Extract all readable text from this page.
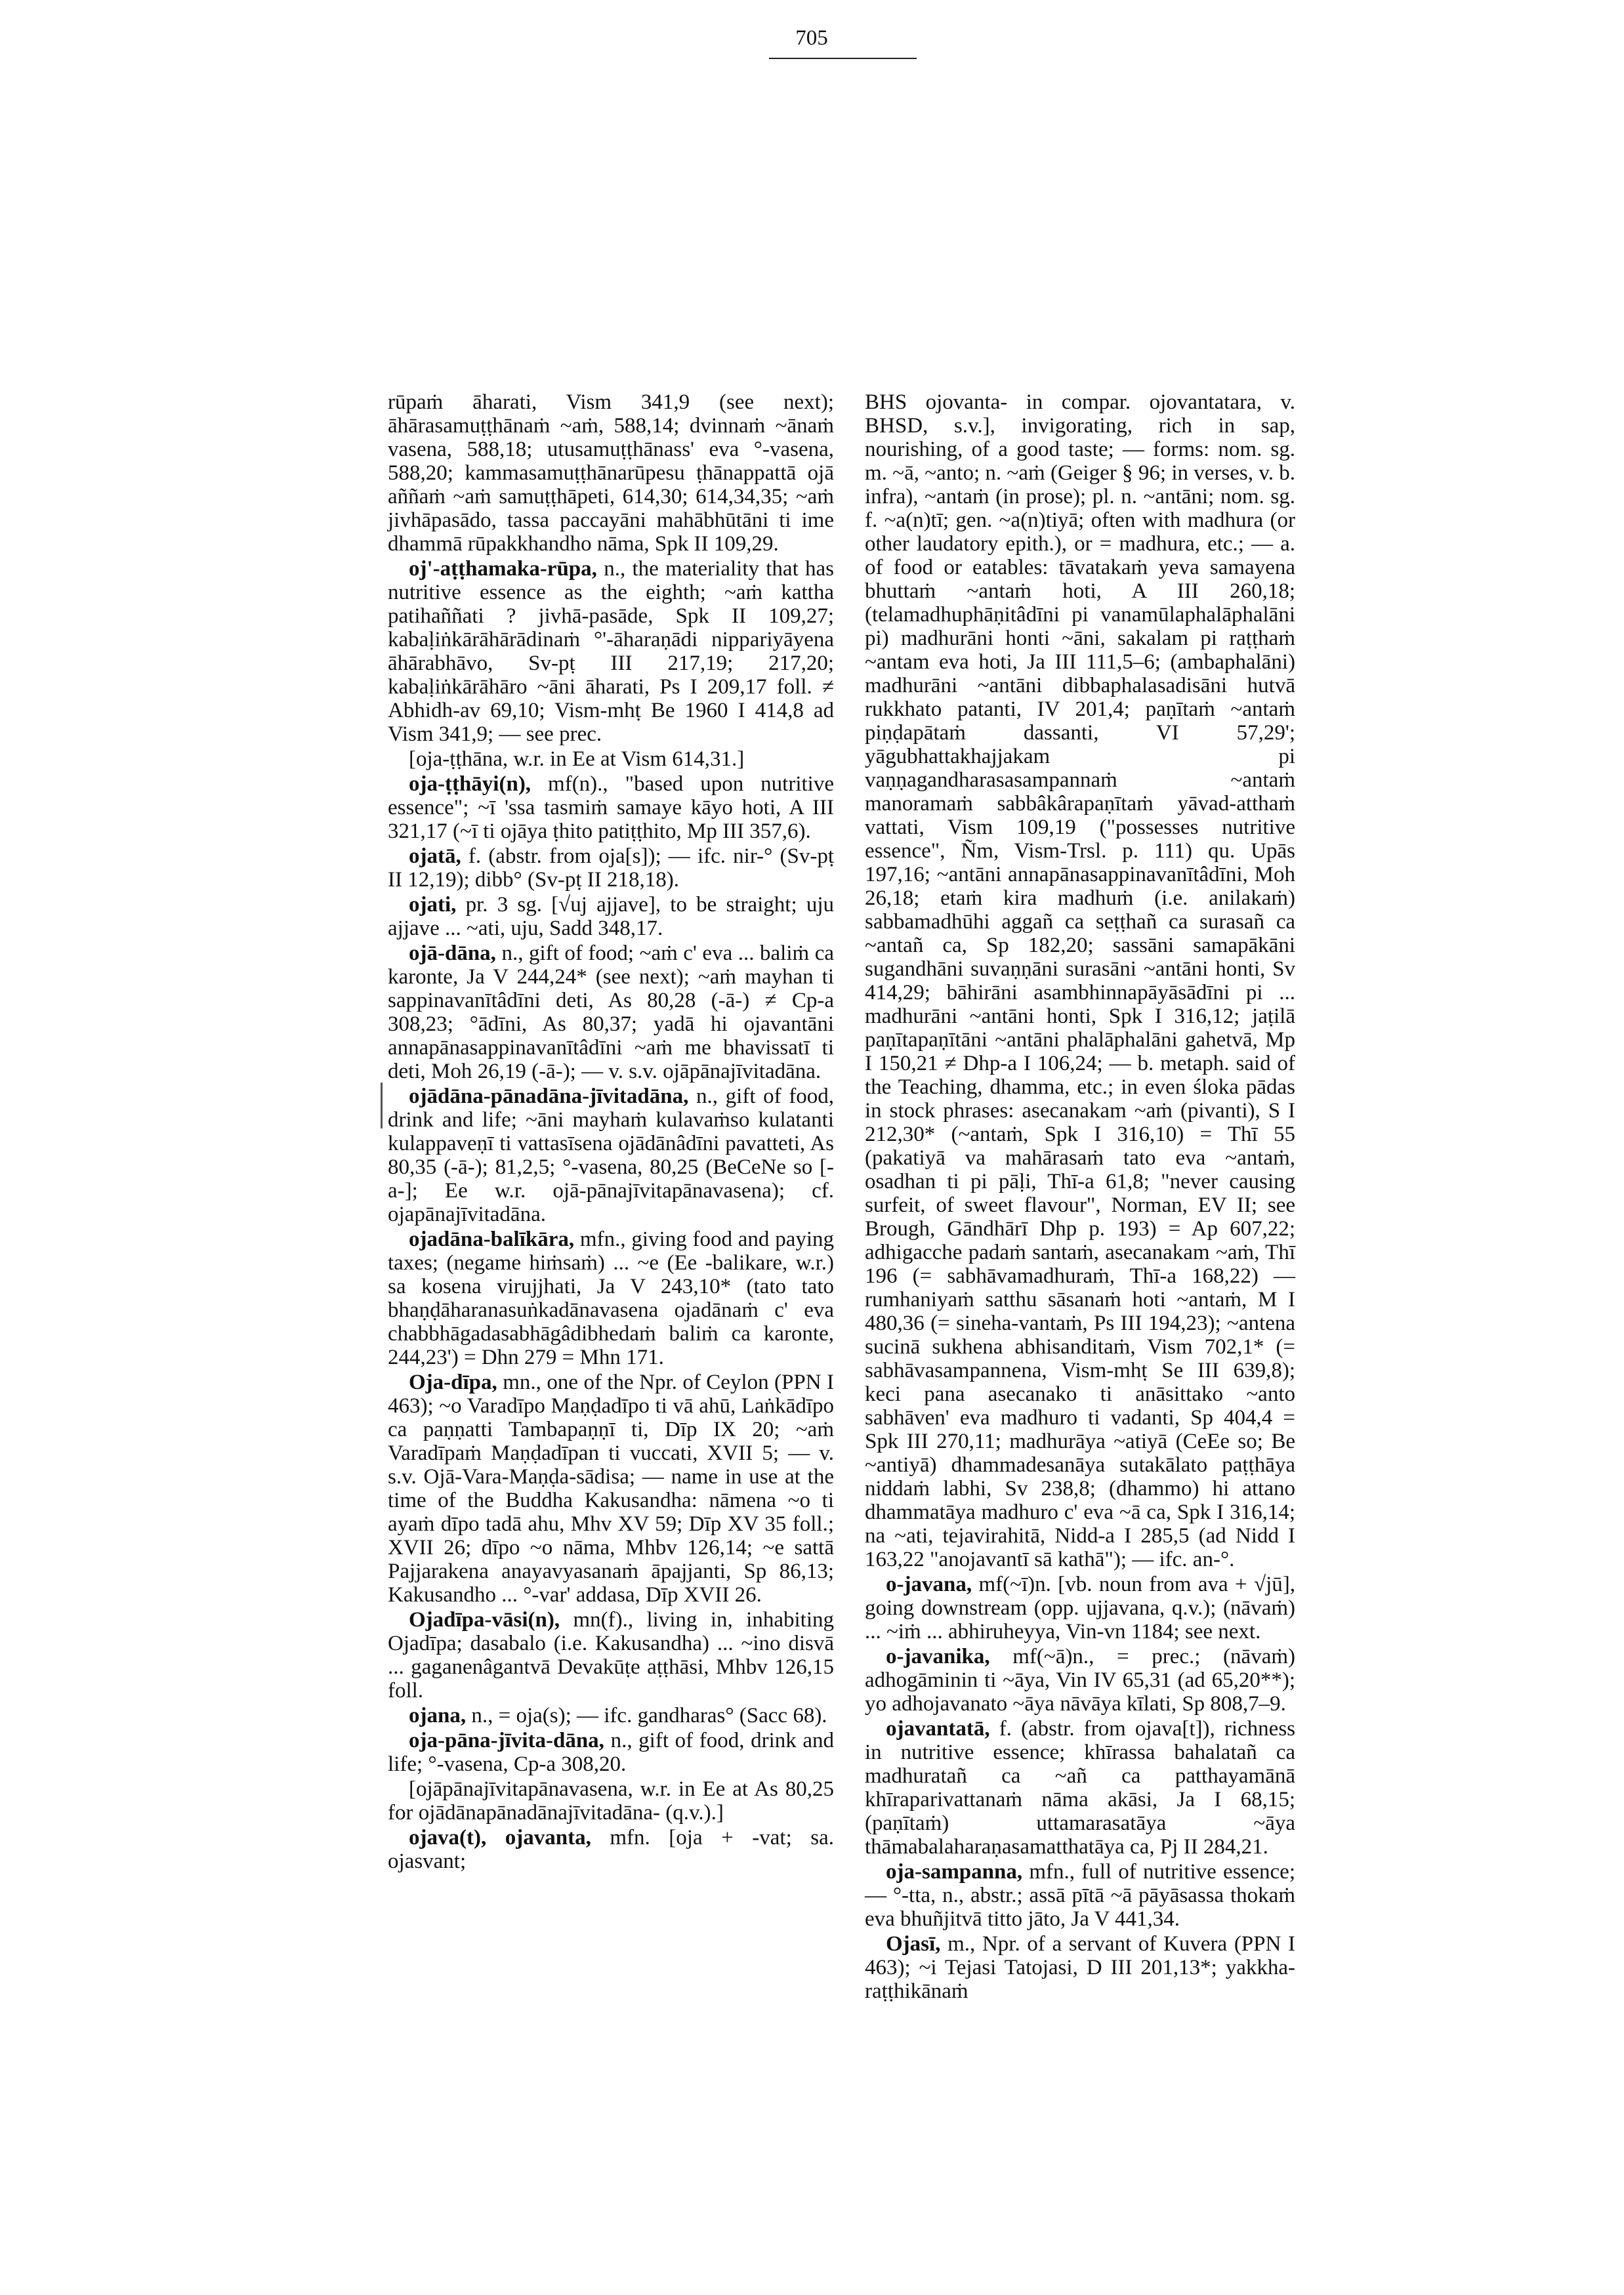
705

rūpaṁ āharati, Vism 341,9 (see next); āhārasamuṭṭhānaṁ ~aṁ, 588,14; dvinnaṁ ~ānaṁ vasena, 588,18; utusamuṭṭhānass' eva °-vasena, 588,20; kammasamuṭṭhānarūpesu ṭhānappattā ojā aññaṁ ~aṁ samuṭṭhāpeti, 614,30; 614,34,35; ~aṁ jivhāpasādo, tassa paccayāni mahābhūtāni ti ime dhammā rūpakkhandho nāma, Spk II 109,29.

oj'-aṭṭhamaka-rūpa, n., the materiality that has nutritive essence as the eighth; ~aṁ kattha patihaññati ? jivhā-pasāde, Spk II 109,27; kabaḷiṅkārāhārādinaṁ °'-āharaṇādi nippariyāyena āhārabhāvo, Sv-pṭ III 217,19; 217,20; kabaḷiṅkārāhāro ~āni āharati, Ps I 209,17 foll. ≠ Abhidh-av 69,10; Vism-mhṭ Be 1960 I 414,8 ad Vism 341,9; — see prec.

[oja-ṭṭhāna, w.r. in Ee at Vism 614,31.]

oja-ṭṭhāyi(n), mf(n)., "based upon nutritive essence"; ~ī 'ssa tasmiṁ samaye kāyo hoti, A III 321,17 (~ī ti ojāya ṭhito patiṭṭhito, Mp III 357,6).

ojatā, f. (abstr. from oja[s]); — ifc. nir-° (Sv-pṭ II 12,19); dibb° (Sv-pṭ II 218,18).

ojati, pr. 3 sg. [√uj ajjave], to be straight; uju ajjave ... ~ati, uju, Sadd 348,17.

ojā-dāna, n., gift of food; ~aṁ c' eva ... baliṁ ca karonte, Ja V 244,24* (see next); ~aṁ mayhan ti sappinavanītâdīni deti, As 80,28 (-ā-) ≠ Cp-a 308,23; °ādīni, As 80,37; yadā hi ojavantāni annapānasappinavanītâdīni ~aṁ me bhavissatī ti deti, Moh 26,19 (-ā-); — v. s.v. ojāpānajīvitadāna.

ojādāna-pānadāna-jīvitadāna, n., gift of food, drink and life; ~āni mayhaṁ kulavaṁso kulatanti kulappaveṇī ti vattasīsena ojādānâdīni pavatteti, As 80,35 (-ā-); 81,2,5; °-vasena, 80,25 (BeCeNe so [-a-]; Ee w.r. ojā-pānajīvitapānavasena); cf. ojapānajīvitadāna.

ojadāna-balīkāra, mfn., giving food and paying taxes; (negame hiṁsaṁ) ... ~e (Ee -balikare, w.r.) sa kosena virujjhati, Ja V 243,10* (tato tato bhaṇḍāharanasuṅkadānavasena ojadānaṁ c' eva chabbhāgadasabhāgâdibhedaṁ baliṁ ca karonte, 244,23') = Dhn 279 = Mhn 171.

Oja-dīpa, mn., one of the Npr. of Ceylon (PPN I 463); ~o Varadīpo Maṇḍadīpo ti vā ahū, Laṅkādīpo ca paṇṇatti Tambapaṇṇī ti, Dīp IX 20; ~aṁ Varadīpaṁ Maṇḍadīpan ti vuccati, XVII 5; — v. s.v. Ojā-Vara-Maṇḍa-sādisa; — name in use at the time of the Buddha Kakusandha: nāmena ~o ti ayaṁ dīpo tadā ahu, Mhv XV 59; Dīp XV 35 foll.; XVII 26; dīpo ~o nāma, Mhbv 126,14; ~e sattā Pajjarakena anayavyasanaṁ āpajjanti, Sp 86,13; Kakusandho ... °-var' addasa, Dīp XVII 26.

Ojadīpa-vāsi(n), mn(f)., living in, inhabiting Ojadīpa; dasabalo (i.e. Kakusandha) ... ~ino disvā ... gaganenâgantvā Devakūṭe aṭṭhāsi, Mhbv 126,15 foll.

ojana, n., = oja(s); — ifc. gandharas° (Sacc 68).

oja-pāna-jīvita-dāna, n., gift of food, drink and life; °-vasena, Cp-a 308,20.

[ojāpānajīvitapānavasena, w.r. in Ee at As 80,25 for ojādānapānadānajīvitadāna- (q.v.).]

ojava(t), ojavanta, mfn. [oja + -vat; sa. ojasvant;

BHS ojovanta- in compar. ojovantatara, v. BHSD, s.v.], invigorating, rich in sap, nourishing, of a good taste; — forms: nom. sg. m. ~ā, ~anto; n. ~aṁ (Geiger § 96; in verses, v. b. infra), ~antaṁ (in prose); pl. n. ~antāni; nom. sg. f. ~a(n)tī; gen. ~a(n)tiyā; often with madhura (or other laudatory epith.), or = madhura, etc.; — a. of food or eatables: tāvatakaṁ yeva samayena bhuttaṁ ~antaṁ hoti, A III 260,18; (telamadhuphāṇitâdīni pi vanamūlaphalāphalāni pi) madhurāni honti ~āni, sakalam pi raṭṭhaṁ ~antam eva hoti, Ja III 111,5–6; (ambaphalāni) madhurāni ~antāni dibbaphalasadisāni hutvā rukkhato patanti, IV 201,4; paṇītaṁ ~antaṁ piṇḍapātaṁ dassanti, VI 57,29'; yāgubhattakhajjakam pi vaṇṇagandharasasampannaṁ ~antaṁ manoramaṁ sabbâkârapaṇītaṁ yāvad-atthaṁ vattati, Vism 109,19 ("possesses nutritive essence", Ñm, Vism-Trsl. p. 111) qu. Upās 197,16; ~antāni annapānasappinavanītâdīni, Moh 26,18; etaṁ kira madhuṁ (i.e. anilakaṁ) sabbamadhūhi aggañ ca seṭṭhañ ca surasañ ca ~antañ ca, Sp 182,20; sassāni samapākāni sugandhāni suvaṇṇāni surasāni ~antāni honti, Sv 414,29; bāhirāni asambhinnapāyāsādīni pi ... madhurāni ~antāni honti, Spk I 316,12; jaṭilā paṇītapaṇītāni ~antāni phalāphalāni gahetvā, Mp I 150,21 ≠ Dhp-a I 106,24; — b. metaph. said of the Teaching, dhamma, etc.; in even śloka pādas in stock phrases: asecanakam ~aṁ (pivanti), S I 212,30* (~antaṁ, Spk I 316,10) = Thī 55 (pakatiyā va mahārasaṁ tato eva ~antaṁ, osadhan ti pi pāḷi, Thī-a 61,8; "never causing surfeit, of sweet flavour", Norman, EV II; see Brough, Gāndhārī Dhp p. 193) = Ap 607,22; adhigacche padaṁ santaṁ, asecanakam ~aṁ, Thī 196 (= sabhāvamadhuraṁ, Thī-a 168,22) — rumhaniyaṁ satthu sāsanaṁ hoti ~antaṁ, M I 480,36 (= sineha-vantaṁ, Ps III 194,23); ~antena sucinā sukhena abhisanditaṁ, Vism 702,1* (= sabhāvasampannena, Vism-mhṭ Se III 639,8); keci pana asecanako ti anāsittako ~anto sabhāven' eva madhuro ti vadanti, Sp 404,4 = Spk III 270,11; madhurāya ~atiyā (CeEe so; Be ~antiyā) dhammadesanāya sutakālato paṭṭhāya niddaṁ labhi, Sv 238,8; (dhammo) hi attano dhammatāya madhuro c' eva ~ā ca, Spk I 316,14; na ~ati, tejavirahitā, Nidd-a I 285,5 (ad Nidd I 163,22 "anojavantī sā kathā"); — ifc. an-°.

o-javana, mf(~ī)n. [vb. noun from ava + √jū], going downstream (opp. ujjavana, q.v.); (nāvaṁ) ... ~iṁ ... abhiruheyya, Vin-vn 1184; see next.

o-javanika, mf(~ā)n., = prec.; (nāvaṁ) adhogāminin ti ~āya, Vin IV 65,31 (ad 65,20**); yo adhojavanato ~āya nāvāya kīlati, Sp 808,7–9.

ojavantatā, f. (abstr. from ojava[t]), richness in nutritive essence; khīrassa bahalatañ ca madhuratañ ca ~añ ca patthayamānā khīraparivattanaṁ nāma akāsi, Ja I 68,15; (paṇītaṁ) uttamarasatāya ~āya thāmabalaharaṇasamatthatāya ca, Pj II 284,21.

oja-sampanna, mfn., full of nutritive essence; — °-tta, n., abstr.; assā pītā ~ā pāyāsassa thokaṁ eva bhuñjitvā titto jāto, Ja V 441,34.

Ojasī, m., Npr. of a servant of Kuvera (PPN I 463); ~i Tejasi Tatojasi, D III 201,13*; yakkha-raṭṭhikānaṁ
